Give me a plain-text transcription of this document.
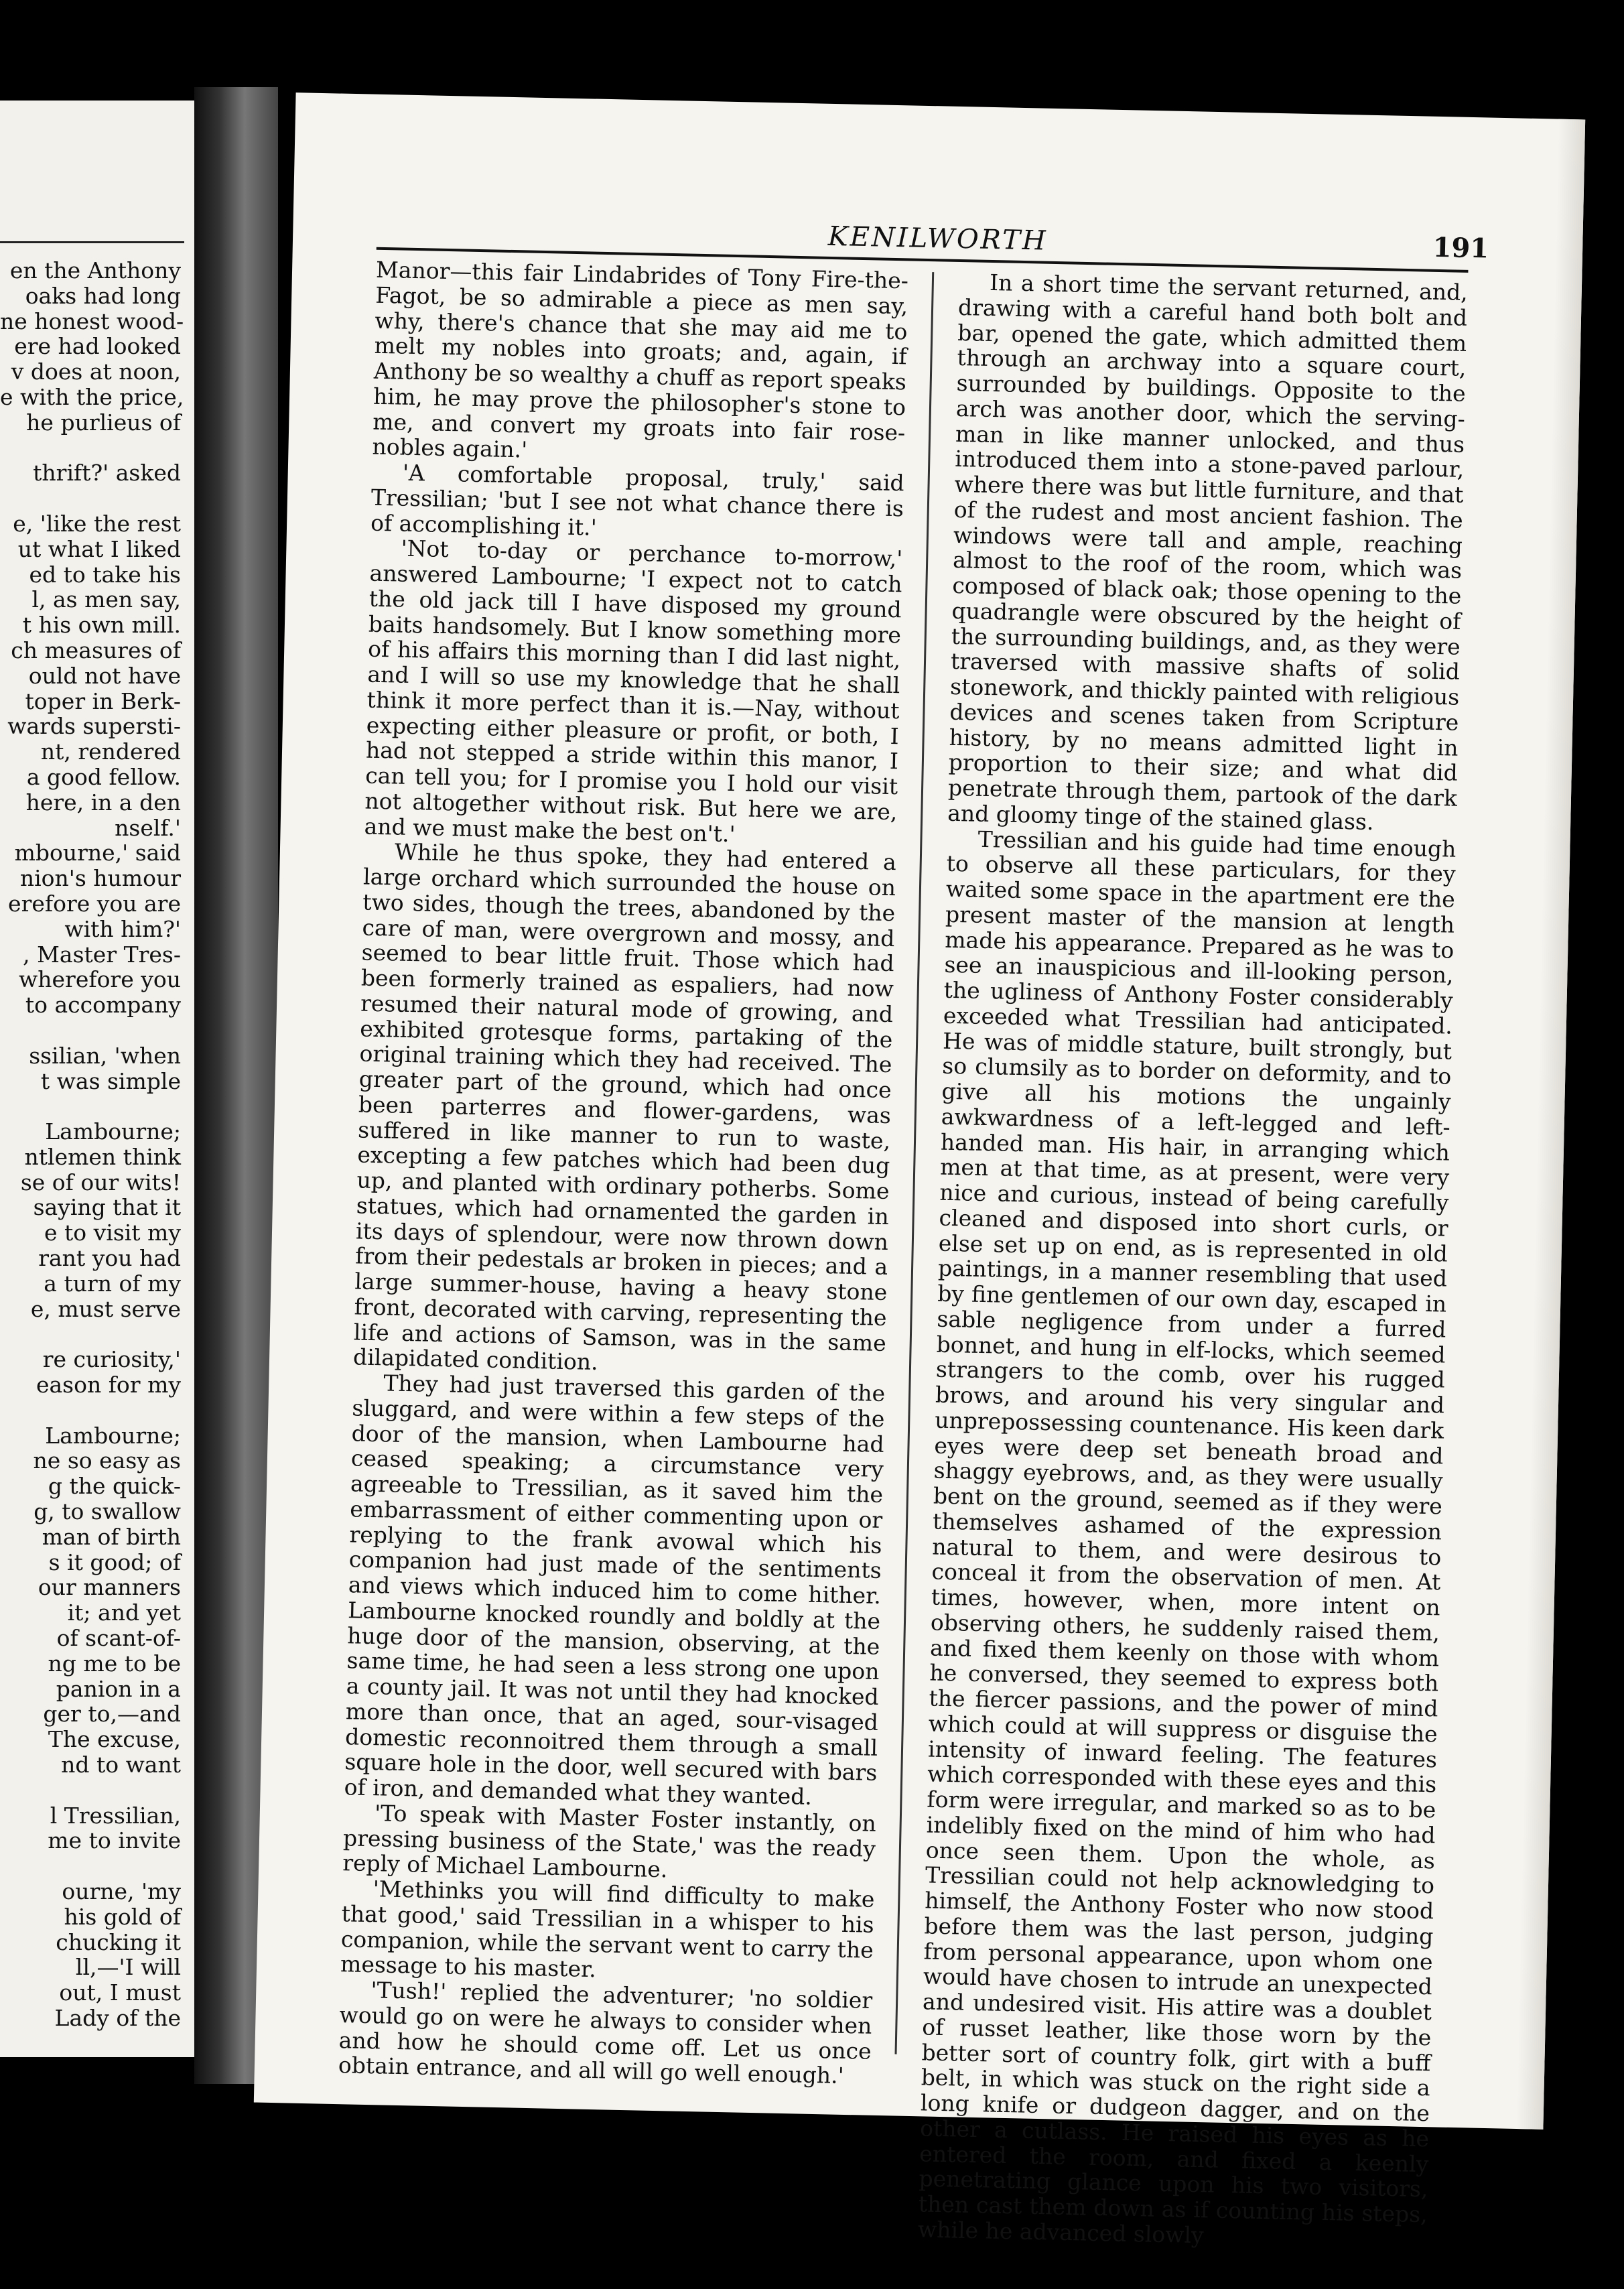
en the Anthony
oaks had long
ne honest wood-
ere had looked
v does at noon,
e with the price,
he purlieus of
thrift?' asked
e, 'like the rest
ut what I liked
ed to take his
l, as men say,
t his own mill.
ch measures of
ould not have
toper in Berk-
wards supersti-
nt, rendered
a good fellow.
here, in a den
nself.'
mbourne,' said
nion's humour
erefore you are
with him?'
, Master Tres-
wherefore you
to accompany
ssilian, 'when
t was simple
Lambourne;
ntlemen think
se of our wits!
saying that it
e to visit my
rant you had
a turn of my
e, must serve
re curiosity,'
eason for my
Lambourne;
ne so easy as
g the quick-
g, to swallow
man of birth
s it good; of
our manners
it; and yet
of scant-of-
ng me to be
panion in a
ger to,—and
The excuse,
nd to want
l Tressilian,
me to invite
ourne, 'my
his gold of
chucking it
ll,—'I will
out, I must
Lady of the
KENILWORTH	191

Manor—this fair Lindabrides of Tony Fire-the-Fagot, be so admirable a piece as men say, why, there's chance that she may aid me to melt my nobles into groats; and, again, if Anthony be so wealthy a chuff as report speaks him, he may prove the philosopher's stone to me, and convert my groats into fair rose-nobles again.'

'A comfortable proposal, truly,' said Tressilian; 'but I see not what chance there is of accomplishing it.'

'Not to-day or perchance to-morrow,' answered Lambourne; 'I expect not to catch the old jack till I have disposed my ground baits handsomely. But I know something more of his affairs this morning than I did last night, and I will so use my knowledge that he shall think it more perfect than it is.—Nay, without expecting either pleasure or profit, or both, I had not stepped a stride within this manor, I can tell you; for I promise you I hold our visit not altogether without risk. But here we are, and we must make the best on't.'

While he thus spoke, they had entered a large orchard which surrounded the house on two sides, though the trees, abandoned by the care of man, were overgrown and mossy, and seemed to bear little fruit. Those which had been formerly trained as espaliers, had now resumed their natural mode of growing, and exhibited grotesque forms, partaking of the original training which they had received. The greater part of the ground, which had once been parterres and flower-gardens, was suffered in like manner to run to waste, excepting a few patches which had been dug up, and planted with ordinary potherbs. Some statues, which had ornamented the garden in its days of splendour, were now thrown down from their pedestals ar broken in pieces; and a large summer-house, having a heavy stone front, decorated with carving, representing the life and actions of Samson, was in the same dilapidated condition.

They had just traversed this garden of the sluggard, and were within a few steps of the door of the mansion, when Lambourne had ceased speaking; a circumstance very agreeable to Tressilian, as it saved him the embarrassment of either commenting upon or replying to the frank avowal which his companion had just made of the sentiments and views which induced him to come hither. Lambourne knocked roundly and boldly at the huge door of the mansion, observing, at the same time, he had seen a less strong one upon a county jail. It was not until they had knocked more than once, that an aged, sour-visaged domestic reconnoitred them through a small square hole in the door, well secured with bars of iron, and demanded what they wanted.

'To speak with Master Foster instantly, on pressing business of the State,' was the ready reply of Michael Lambourne.

'Methinks you will find difficulty to make that good,' said Tressilian in a whisper to his companion, while the servant went to carry the message to his master.

'Tush!' replied the adventurer; 'no soldier would go on were he always to consider when and how he should come off. Let us once obtain entrance, and all will go well enough.'

In a short time the servant returned, and, drawing with a careful hand both bolt and bar, opened the gate, which admitted them through an archway into a square court, surrounded by buildings. Opposite to the arch was another door, which the serving-man in like manner unlocked, and thus introduced them into a stone-paved parlour, where there was but little furniture, and that of the rudest and most ancient fashion. The windows were tall and ample, reaching almost to the roof of the room, which was composed of black oak; those opening to the quadrangle were obscured by the height of the surrounding buildings, and, as they were traversed with massive shafts of solid stonework, and thickly painted with religious devices and scenes taken from Scripture history, by no means admitted light in proportion to their size; and what did penetrate through them, partook of the dark and gloomy tinge of the stained glass.

Tressilian and his guide had time enough to observe all these particulars, for they waited some space in the apartment ere the present master of the mansion at length made his appearance. Prepared as he was to see an inauspicious and ill-looking person, the ugliness of Anthony Foster considerably exceeded what Tressilian had anticipated. He was of middle stature, built strongly, but so clumsily as to border on deformity, and to give all his motions the ungainly awkwardness of a left-legged and left-handed man. His hair, in arranging which men at that time, as at present, were very nice and curious, instead of being carefully cleaned and disposed into short curls, or else set up on end, as is represented in old paintings, in a manner resembling that used by fine gentlemen of our own day, escaped in sable negligence from under a furred bonnet, and hung in elf-locks, which seemed strangers to the comb, over his rugged brows, and around his very singular and unprepossessing countenance. His keen dark eyes were deep set beneath broad and shaggy eyebrows, and, as they were usually bent on the ground, seemed as if they were themselves ashamed of the expression natural to them, and were desirous to conceal it from the observation of men. At times, however, when, more intent on observing others, he suddenly raised them, and fixed them keenly on those with whom he conversed, they seemed to express both the fiercer passions, and the power of mind which could at will suppress or disguise the intensity of inward feeling. The features which corresponded with these eyes and this form were irregular, and marked so as to be indelibly fixed on the mind of him who had once seen them. Upon the whole, as Tressilian could not help acknowledging to himself, the Anthony Foster who now stood before them was the last person, judging from personal appearance, upon whom one would have chosen to intrude an unexpected and undesired visit. His attire was a doublet of russet leather, like those worn by the better sort of country folk, girt with a buff belt, in which was stuck on the right side a long knife or dudgeon dagger, and on the other a cutlass. He raised his eyes as he entered the room, and fixed a keenly penetrating glance upon his two visitors, then cast them down as if counting his steps, while he advanced slowly
